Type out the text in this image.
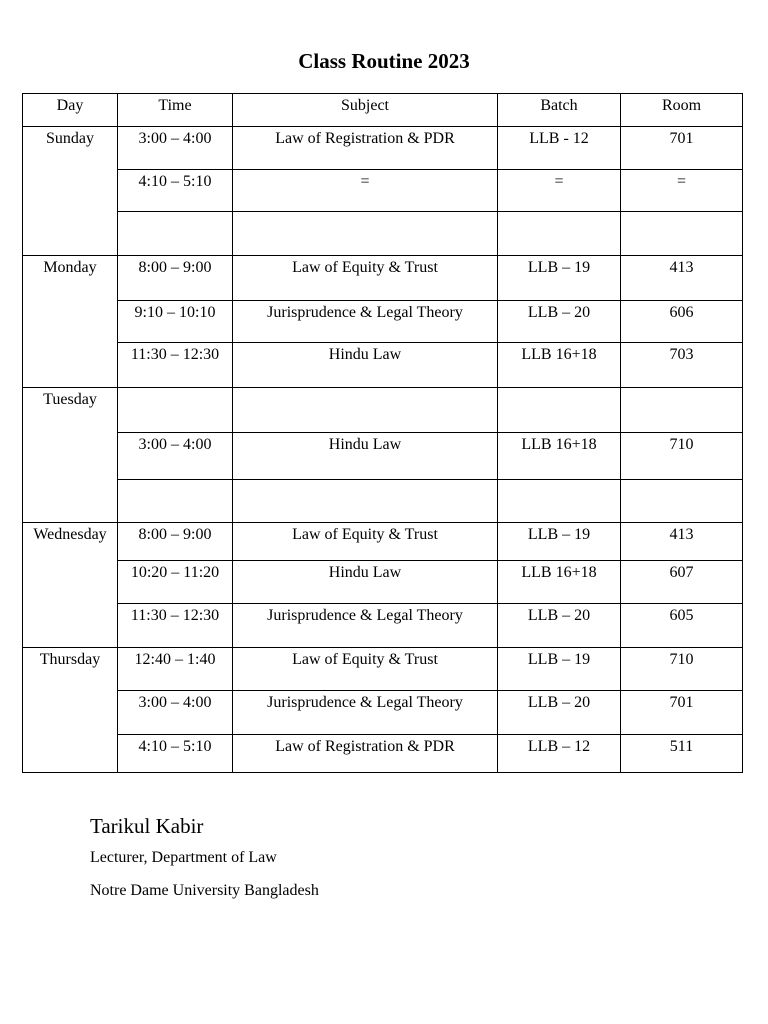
Class Routine 2023
Day	Time	Subject	Batch	Room
Sunday	3:00 – 4:00	Law of Registration & PDR	LLB - 12	701
	4:10 – 5:10	=	=	=

Monday	8:00 – 9:00	Law of Equity & Trust	LLB – 19	413
	9:10 – 10:10	Jurisprudence & Legal Theory	LLB – 20	606
	11:30 – 12:30	Hindu Law	LLB 16+18	703
Tuesday				
	3:00 – 4:00	Hindu Law	LLB 16+18	710

Wednesday	8:00 – 9:00	Law of Equity & Trust	LLB – 19	413
	10:20 – 11:20	Hindu Law	LLB 16+18	607
	11:30 – 12:30	Jurisprudence & Legal Theory	LLB – 20	605
Thursday	12:40 – 1:40	Law of Equity & Trust	LLB – 19	710
	3:00 – 4:00	Jurisprudence & Legal Theory	LLB – 20	701
	4:10 – 5:10	Law of Registration & PDR	LLB – 12	511
Tarikul Kabir
Lecturer, Department of Law
Notre Dame University Bangladesh
